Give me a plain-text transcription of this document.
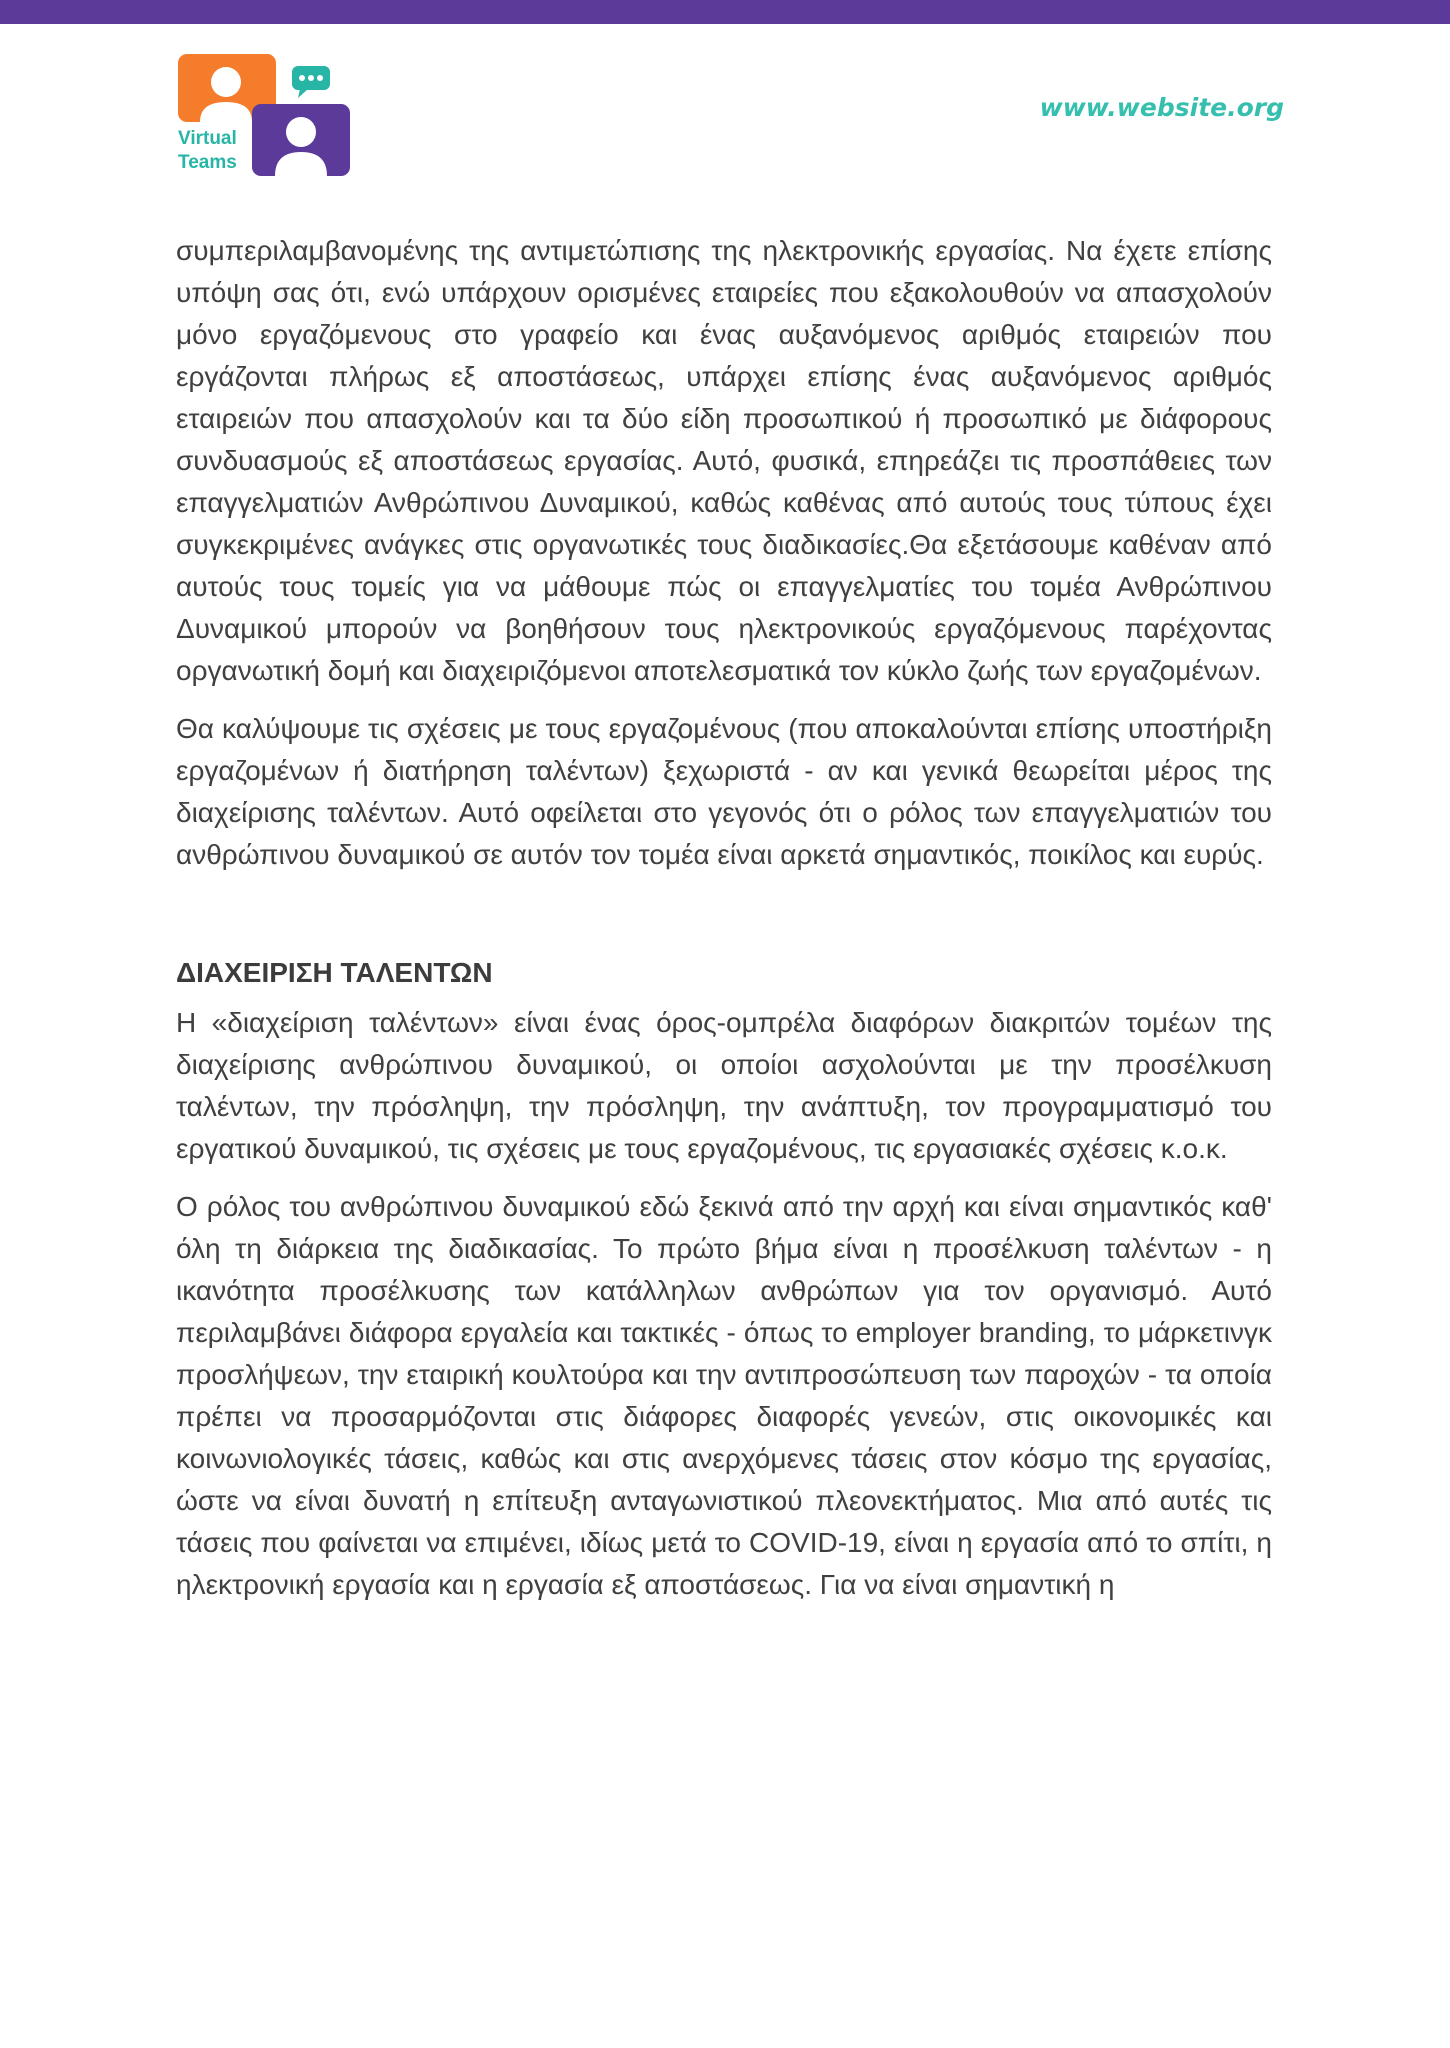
Virtual
Teams
www.website.org

συμπεριλαμβανομένης της αντιμετώπισης της ηλεκτρονικής εργασίας. Να έχετε επίσης υπόψη σας ότι, ενώ υπάρχουν ορισμένες εταιρείες που εξακολουθούν να απασχολούν μόνο εργαζόμενους στο γραφείο και ένας αυξανόμενος αριθμός εταιρειών που εργάζονται πλήρως εξ αποστάσεως, υπάρχει επίσης ένας αυξανόμενος αριθμός εταιρειών που απασχολούν και τα δύο είδη προσωπικού ή προσωπικό με διάφορους συνδυασμούς εξ αποστάσεως εργασίας. Αυτό, φυσικά, επηρεάζει τις προσπάθειες των επαγγελματιών Ανθρώπινου Δυναμικού, καθώς καθένας από αυτούς τους τύπους έχει συγκεκριμένες ανάγκες στις οργανωτικές τους διαδικασίες.Θα εξετάσουμε καθέναν από αυτούς τους τομείς για να μάθουμε πώς οι επαγγελματίες του τομέα Ανθρώπινου Δυναμικού μπορούν να βοηθήσουν τους ηλεκτρονικούς εργαζόμενους παρέχοντας οργανωτική δομή και διαχειριζόμενοι αποτελεσματικά τον κύκλο ζωής των εργαζομένων.

Θα καλύψουμε τις σχέσεις με τους εργαζομένους (που αποκαλούνται επίσης υποστήριξη εργαζομένων ή διατήρηση ταλέντων) ξεχωριστά - αν και γενικά θεωρείται μέρος της διαχείρισης ταλέντων. Αυτό οφείλεται στο γεγονός ότι ο ρόλος των επαγγελματιών του ανθρώπινου δυναμικού σε αυτόν τον τομέα είναι αρκετά σημαντικός, ποικίλος και ευρύς.

ΔΙΑΧΕΙΡΙΣΗ ΤΑΛΕΝΤΩΝ

Η «διαχείριση ταλέντων» είναι ένας όρος-ομπρέλα διαφόρων διακριτών τομέων της διαχείρισης ανθρώπινου δυναμικού, οι οποίοι ασχολούνται με την προσέλκυση ταλέντων, την πρόσληψη, την πρόσληψη, την ανάπτυξη, τον προγραμματισμό του εργατικού δυναμικού, τις σχέσεις με τους εργαζομένους, τις εργασιακές σχέσεις κ.ο.κ.

Ο ρόλος του ανθρώπινου δυναμικού εδώ ξεκινά από την αρχή και είναι σημαντικός καθ' όλη τη διάρκεια της διαδικασίας. Το πρώτο βήμα είναι η προσέλκυση ταλέντων - η ικανότητα προσέλκυσης των κατάλληλων ανθρώπων για τον οργανισμό. Αυτό περιλαμβάνει διάφορα εργαλεία και τακτικές - όπως το employer branding, το μάρκετινγκ προσλήψεων, την εταιρική κουλτούρα και την αντιπροσώπευση των παροχών - τα οποία πρέπει να προσαρμόζονται στις διάφορες διαφορές γενεών, στις οικονομικές και κοινωνιολογικές τάσεις, καθώς και στις ανερχόμενες τάσεις στον κόσμο της εργασίας, ώστε να είναι δυνατή η επίτευξη ανταγωνιστικού πλεονεκτήματος. Μια από αυτές τις τάσεις που φαίνεται να επιμένει, ιδίως μετά το COVID-19, είναι η εργασία από το σπίτι, η ηλεκτρονική εργασία και η εργασία εξ αποστάσεως. Για να είναι σημαντική η
